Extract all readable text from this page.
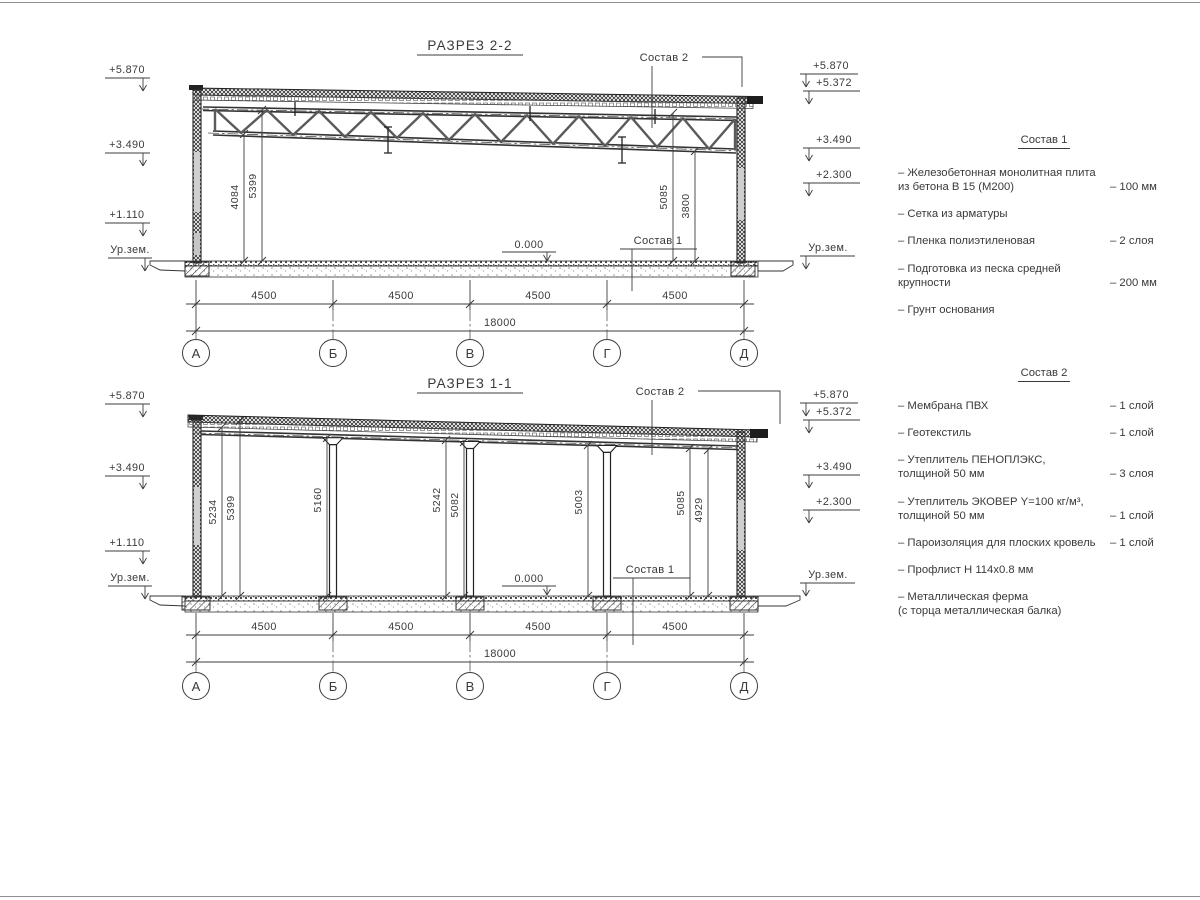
РАЗРЕЗ 2-2
4084 5399	5085 3800
0.000
Состав 2
Состав 1
+5.870
+3.490
+1.110
Ур.зем.
+5.870
+5.372
+3.490
+2.300
Ур.зем.
4500	4500	4500	4500
18000
А	Б	В	Г	Д
РАЗРЕЗ 1-1
5234 5399	5160	5242 5082	5003	5085 4929
0.000
Состав 2
Состав 1
+5.870
+3.490
+1.110
Ур.зем.
+5.870
+5.372
+3.490
+2.300
Ур.зем.
4500	4500	4500	4500
18000
А	Б	В	Г	Д
Состав 1
– Железобетонная монолитная плита
из бетона В 15 (М200)	– 100 мм
– Сетка из арматуры
– Пленка полиэтиленовая	– 2 слоя
– Подготовка из песка средней
крупности	– 200 мм
– Грунт основания
Состав 2
– Мембрана ПВХ	– 1 слой
– Геотекстиль	– 1 слой
– Утеплитель ПЕНОПЛЭКС,
толщиной 50 мм	– 3 слоя
– Утеплитель ЭКОВЕР Y=100 кг/м³,
толщиной 50 мм	– 1 слой
– Пароизоляция для плоских кровель	– 1 слой
– Профлист Н 114х0.8 мм
– Металлическая ферма
(с торца металлическая балка)
